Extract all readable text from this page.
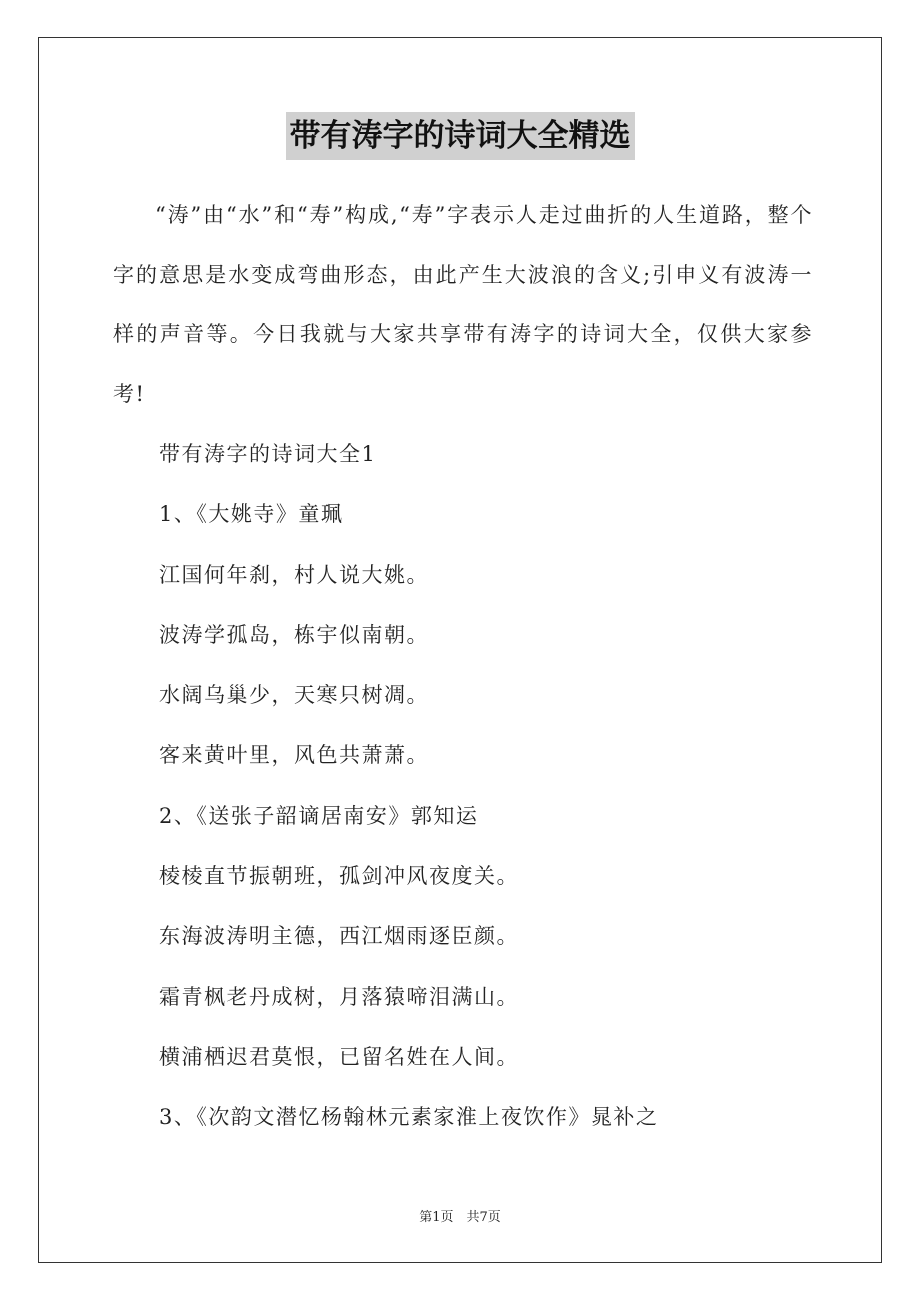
带有涛字的诗词大全精选

“涛”由“水”和“寿”构成,“寿”字表示人走过曲折的人生道路，整个字的意思是水变成弯曲形态，由此产生大波浪的含义;引申义有波涛一样的声音等。今日我就与大家共享带有涛字的诗词大全，仅供大家参考!

带有涛字的诗词大全1

1、《大姚寺》童珮

江国何年刹，村人说大姚。

波涛学孤岛，栋宇似南朝。

水阔乌巢少，天寒只树凋。

客来黄叶里，风色共萧萧。

2、《送张子韶谪居南安》郭知运

棱棱直节振朝班，孤剑冲风夜度关。

东海波涛明主德，西江烟雨逐臣颜。

霜青枫老丹成树，月落猿啼泪满山。

横浦栖迟君莫恨，已留名姓在人间。

3、《次韵文潜忆杨翰林元素家淮上夜饮作》晁补之

第1页　共7页
